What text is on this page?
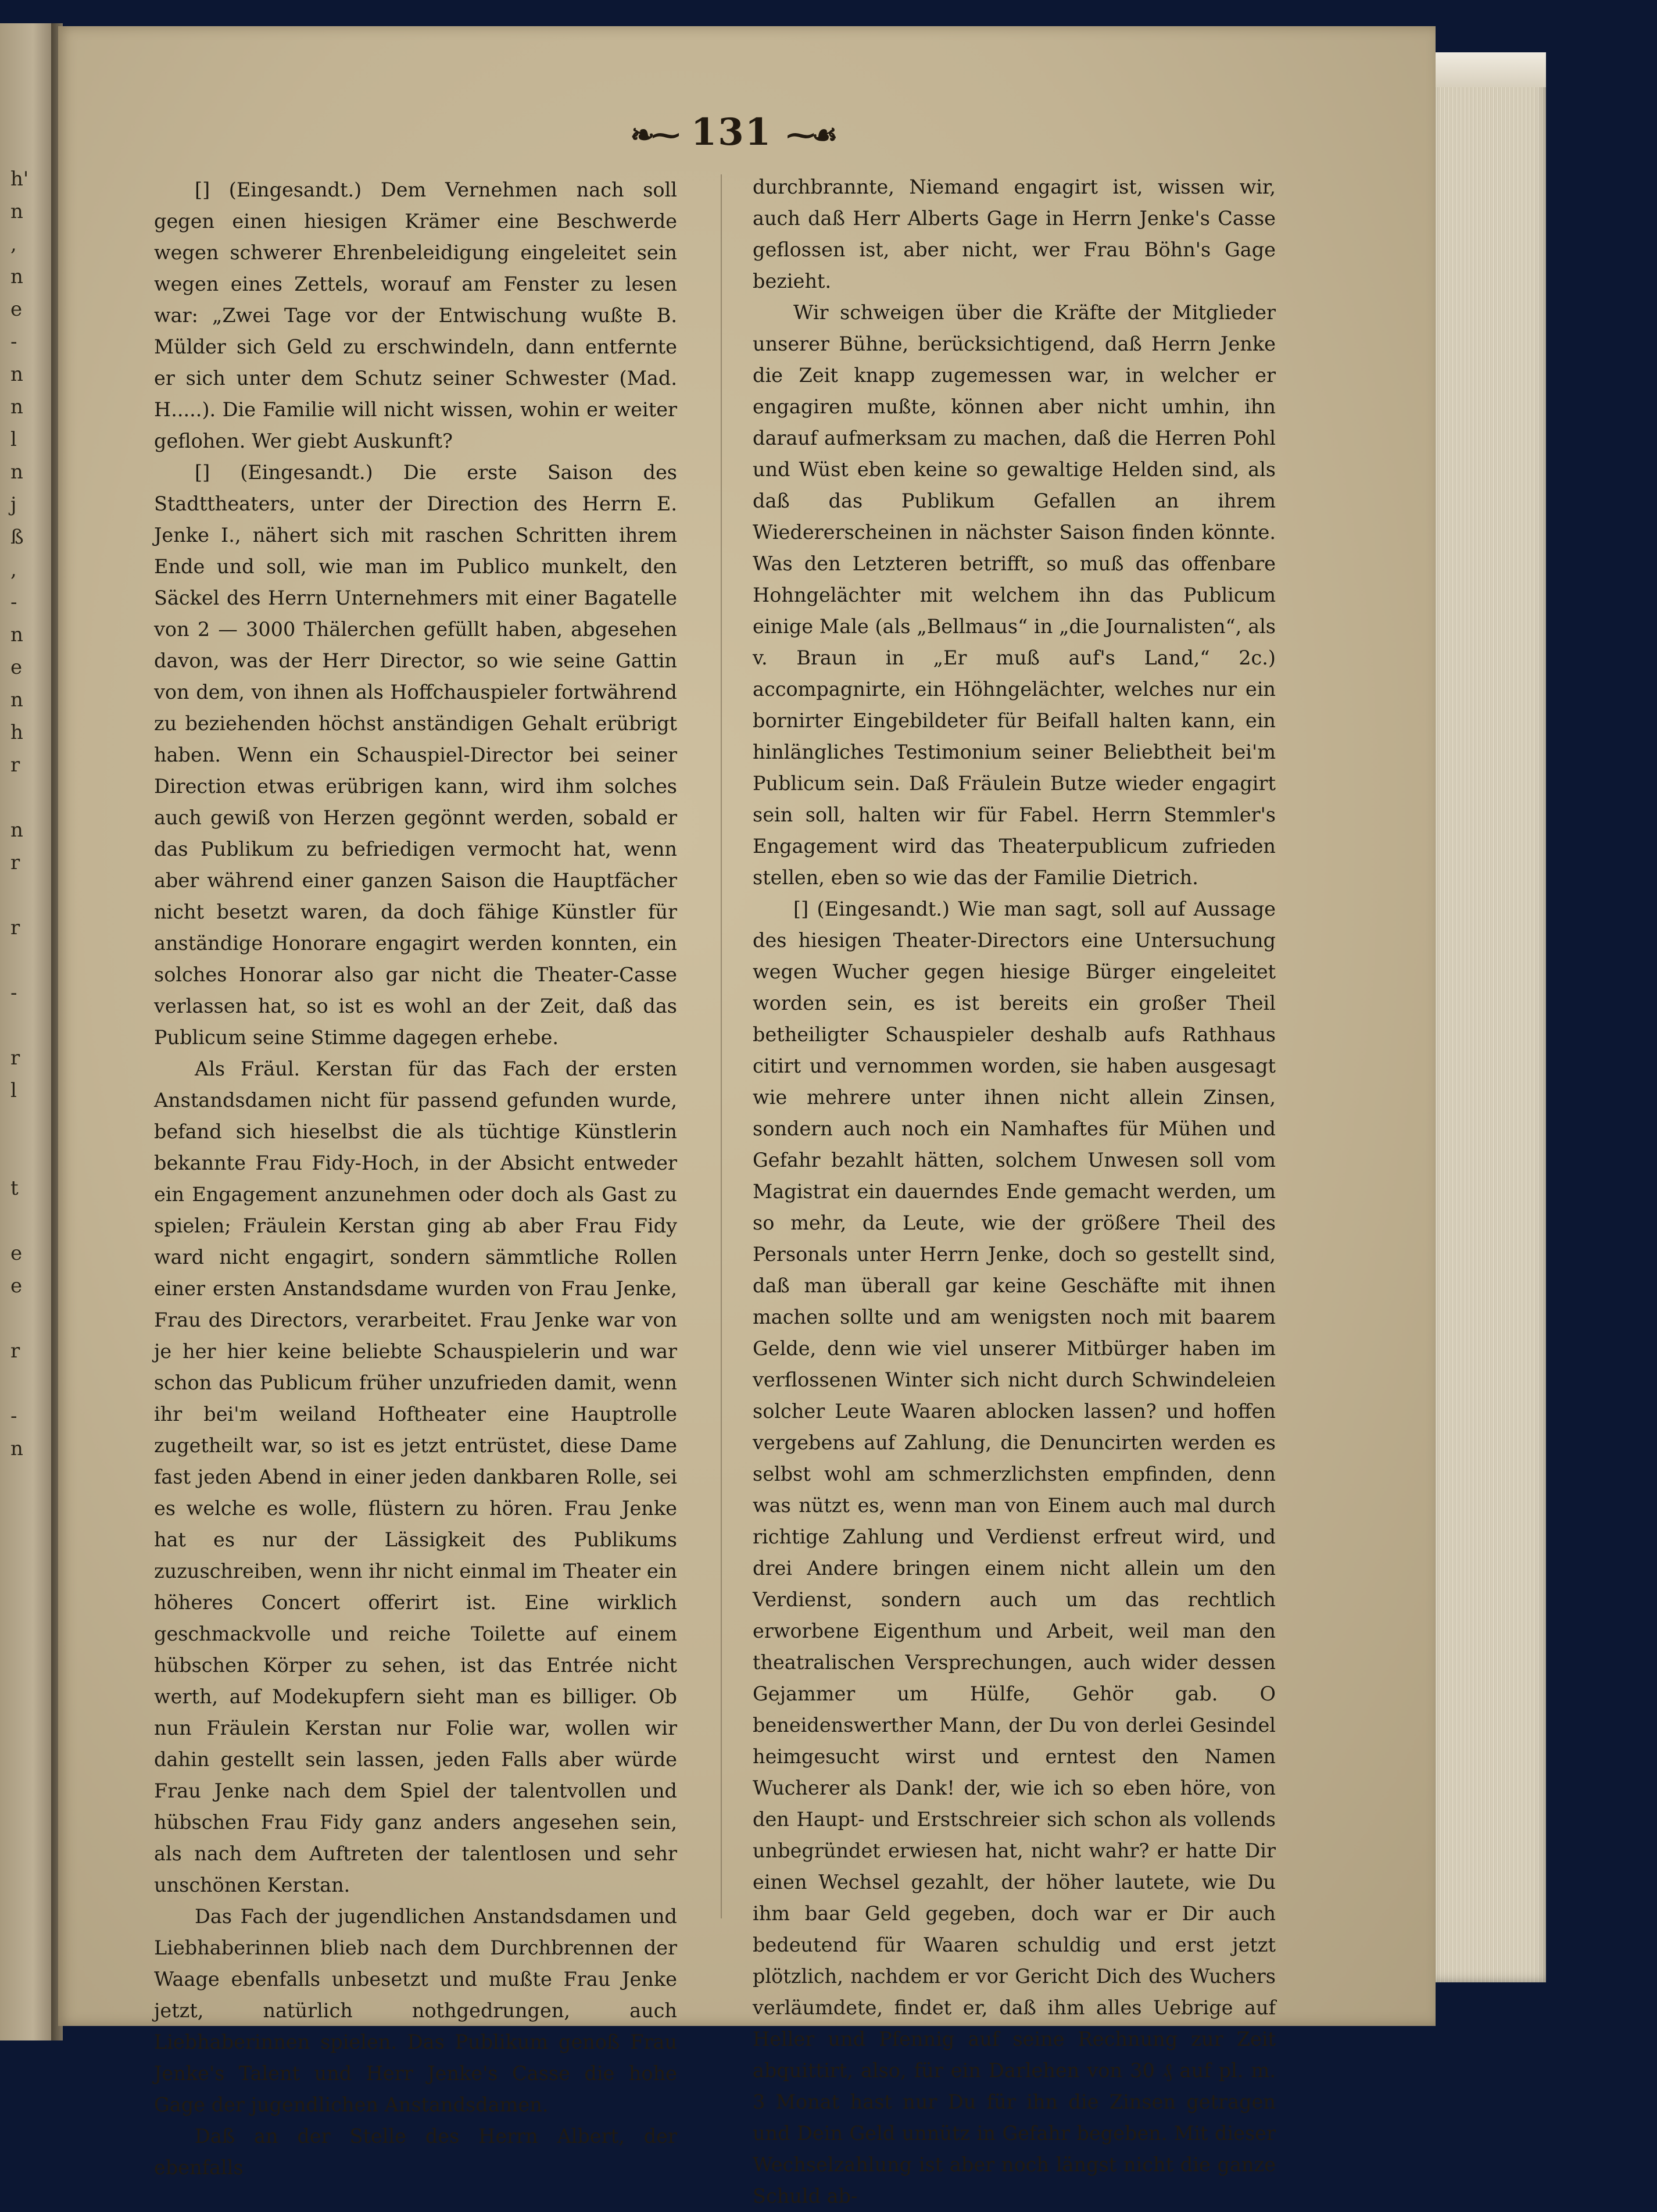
h'
n
,
n
e
-
n
n
l
n
j
ß
,
-
n
e
n
h
r

n
r

r

-

r
l

t

e
e

r

-
n
❧⁓ 131 ⁓☙

[] (Eingesandt.) Dem Vernehmen nach soll gegen einen hiesigen Krämer eine Beschwerde wegen schwerer Ehrenbeleidigung eingeleitet sein wegen eines Zettels, worauf am Fenster zu lesen war: „Zwei Tage vor der Entwischung wußte B. Mülder sich Geld zu erschwindeln, dann entfernte er sich unter dem Schutz seiner Schwester (Mad. H.....). Die Familie will nicht wissen, wohin er weiter geflohen. Wer giebt Auskunft?

[] (Eingesandt.) Die erste Saison des Stadttheaters, unter der Direction des Herrn E. Jenke I., nähert sich mit raschen Schritten ihrem Ende und soll, wie man im Publico munkelt, den Säckel des Herrn Unternehmers mit einer Bagatelle von 2 — 3000 Thälerchen gefüllt haben, abgesehen davon, was der Herr Director, so wie seine Gattin von dem, von ihnen als Hoffchauspieler fortwährend zu beziehenden höchst anständigen Gehalt erübrigt haben. Wenn ein Schauspiel-Director bei seiner Direction etwas erübrigen kann, wird ihm solches auch gewiß von Herzen gegönnt werden, sobald er das Publikum zu befriedigen vermocht hat, wenn aber während einer ganzen Saison die Hauptfächer nicht besetzt waren, da doch fähige Künstler für anständige Honorare engagirt werden konnten, ein solches Honorar also gar nicht die Theater-Casse verlassen hat, so ist es wohl an der Zeit, daß das Publicum seine Stimme dagegen erhebe.

Als Fräul. Kerstan für das Fach der ersten Anstandsdamen nicht für passend gefunden wurde, befand sich hieselbst die als tüchtige Künstlerin bekannte Frau Fidy-Hoch, in der Absicht entweder ein Engagement anzunehmen oder doch als Gast zu spielen; Fräulein Kerstan ging ab aber Frau Fidy ward nicht engagirt, sondern sämmtliche Rollen einer ersten Anstandsdame wurden von Frau Jenke, Frau des Directors, verarbeitet. Frau Jenke war von je her hier keine beliebte Schauspielerin und war schon das Publicum früher unzufrieden damit, wenn ihr bei'm weiland Hoftheater eine Hauptrolle zugetheilt war, so ist es jetzt entrüstet, diese Dame fast jeden Abend in einer jeden dankbaren Rolle, sei es welche es wolle, flüstern zu hören. Frau Jenke hat es nur der Lässigkeit des Publikums zuzuschreiben, wenn ihr nicht einmal im Theater ein höheres Concert offerirt ist. Eine wirklich geschmackvolle und reiche Toilette auf einem hübschen Körper zu sehen, ist das Entrée nicht werth, auf Modekupfern sieht man es billiger. Ob nun Fräulein Kerstan nur Folie war, wollen wir dahin gestellt sein lassen, jeden Falls aber würde Frau Jenke nach dem Spiel der talentvollen und hübschen Frau Fidy ganz anders angesehen sein, als nach dem Auftreten der talentlosen und sehr unschönen Kerstan.

Das Fach der jugendlichen Anstandsdamen und Liebhaberinnen blieb nach dem Durchbrennen der Waage ebenfalls unbesetzt und mußte Frau Jenke jetzt, natürlich nothgedrungen, auch Liebhaberinnen spielen. Das Publikum genoß Frau Jenke's Talent und Herr Jenke's Casse die hohe Gage der jugendlichen Anstandsdamen.

Daß an der Stelle des Herrn Albert, der ebenfalls

durchbrannte, Niemand engagirt ist, wissen wir, auch daß Herr Alberts Gage in Herrn Jenke's Casse geflossen ist, aber nicht, wer Frau Böhn's Gage bezieht.

Wir schweigen über die Kräfte der Mitglieder unserer Bühne, berücksichtigend, daß Herrn Jenke die Zeit knapp zugemessen war, in welcher er engagiren mußte, können aber nicht umhin, ihn darauf aufmerksam zu machen, daß die Herren Pohl und Wüst eben keine so gewaltige Helden sind, als daß das Publikum Gefallen an ihrem Wiedererscheinen in nächster Saison finden könnte. Was den Letzteren betrifft, so muß das offenbare Hohngelächter mit welchem ihn das Publicum einige Male (als „Bellmaus“ in „die Journalisten“, als v. Braun in „Er muß auf's Land,“ 2c.) accompagnirte, ein Höhngelächter, welches nur ein bornirter Eingebildeter für Beifall halten kann, ein hinlängliches Testimonium seiner Beliebtheit bei'm Publicum sein. Daß Fräulein Butze wieder engagirt sein soll, halten wir für Fabel. Herrn Stemmler's Engagement wird das Theaterpublicum zufrieden stellen, eben so wie das der Familie Dietrich.

[] (Eingesandt.) Wie man sagt, soll auf Aussage des hiesigen Theater-Directors eine Untersuchung wegen Wucher gegen hiesige Bürger eingeleitet worden sein, es ist bereits ein großer Theil betheiligter Schauspieler deshalb aufs Rathhaus citirt und vernommen worden, sie haben ausgesagt wie mehrere unter ihnen nicht allein Zinsen, sondern auch noch ein Namhaftes für Mühen und Gefahr bezahlt hätten, solchem Unwesen soll vom Magistrat ein dauerndes Ende gemacht werden, um so mehr, da Leute, wie der größere Theil des Personals unter Herrn Jenke, doch so gestellt sind, daß man überall gar keine Geschäfte mit ihnen machen sollte und am wenigsten noch mit baarem Gelde, denn wie viel unserer Mitbürger haben im verflossenen Winter sich nicht durch Schwindeleien solcher Leute Waaren ablocken lassen? und hoffen vergebens auf Zahlung, die Denuncirten werden es selbst wohl am schmerzlichsten empfinden, denn was nützt es, wenn man von Einem auch mal durch richtige Zahlung und Verdienst erfreut wird, und drei Andere bringen einem nicht allein um den Verdienst, sondern auch um das rechtlich erworbene Eigenthum und Arbeit, weil man den theatralischen Versprechungen, auch wider dessen Gejammer um Hülfe, Gehör gab. O beneidenswerther Mann, der Du von derlei Gesindel heimgesucht wirst und erntest den Namen Wucherer als Dank! der, wie ich so eben höre, von den Haupt- und Erstschreier sich schon als vollends unbegründet erwiesen hat, nicht wahr? er hatte Dir einen Wechsel gezahlt, der höher lautete, wie Du ihm baar Geld gegeben, doch war er Dir auch bedeutend für Waaren schuldig und erst jetzt plötzlich, nachdem er vor Gericht Dich des Wuchers verläumdete, findet er, daß ihm alles Uebrige auf Heller und Pfennig auf seine Rechnung zur Zeit abquittirt, also, für ein Darlehen von 30 ₰ auf pl. m. 3 Monat hast nur Du für ihn die Zinsen getragen und Dein Geld unnütz in Gefahr begeben. Mit dieser Wechselzahlung ist aber noch längst nicht die ganze Schuld ab-
